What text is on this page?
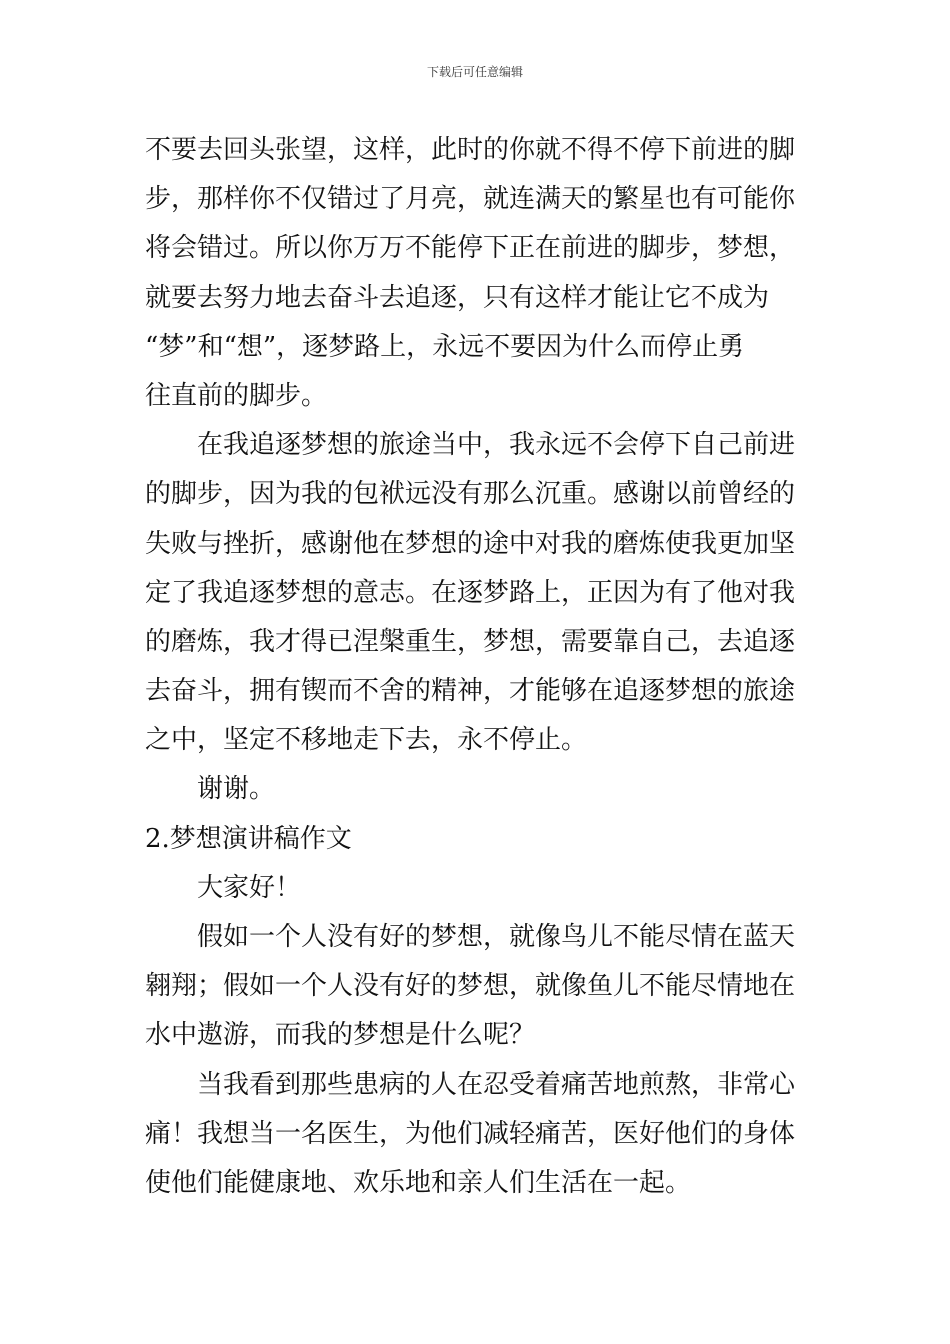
下载后可任意编辑
不要去回头张望，这样，此时的你就不得不停下前进的脚
步，那样你不仅错过了月亮，就连满天的繁星也有可能你
将会错过。所以你万万不能停下正在前进的脚步，梦想，
就要去努力地去奋斗去追逐，只有这样才能让它不成为
“梦”和“想”，逐梦路上，永远不要因为什么而停止勇
往直前的脚步。
在我追逐梦想的旅途当中，我永远不会停下自己前进
的脚步，因为我的包袱远没有那么沉重。感谢以前曾经的
失败与挫折，感谢他在梦想的途中对我的磨炼使我更加坚
定了我追逐梦想的意志。在逐梦路上，正因为有了他对我
的磨炼，我才得已涅槃重生，梦想，需要靠自己，去追逐
去奋斗，拥有锲而不舍的精神，才能够在追逐梦想的旅途
之中，坚定不移地走下去，永不停止。
谢谢。
2.梦想演讲稿作文
大家好！
假如一个人没有好的梦想，就像鸟儿不能尽情在蓝天
翱翔；假如一个人没有好的梦想，就像鱼儿不能尽情地在
水中遨游，而我的梦想是什么呢？
当我看到那些患病的人在忍受着痛苦地煎熬，非常心
痛！我想当一名医生，为他们减轻痛苦，医好他们的身体
使他们能健康地、欢乐地和亲人们生活在一起。
